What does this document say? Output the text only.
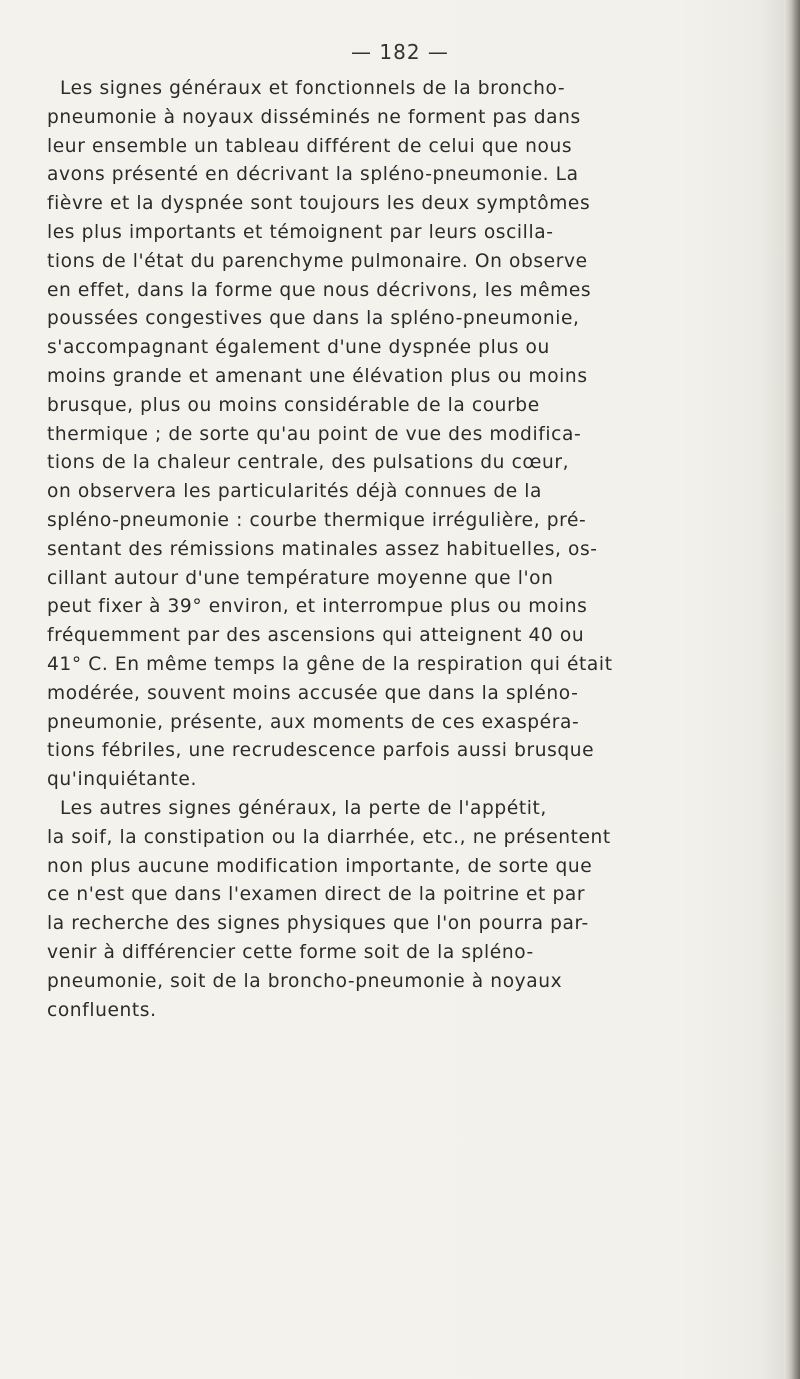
— 182 —
Les signes généraux et fonctionnels de la broncho-
pneumonie à noyaux disséminés ne forment pas dans
leur ensemble un tableau différent de celui que nous
avons présenté en décrivant la spléno-pneumonie. La
fièvre et la dyspnée sont toujours les deux symptômes
les plus importants et témoignent par leurs oscilla-
tions de l'état du parenchyme pulmonaire. On observe
en effet, dans la forme que nous décrivons, les mêmes
poussées congestives que dans la spléno-pneumonie,
s'accompagnant également d'une dyspnée plus ou
moins grande et amenant une élévation plus ou moins
brusque, plus ou moins considérable de la courbe
thermique ; de sorte qu'au point de vue des modifica-
tions de la chaleur centrale, des pulsations du cœur,
on observera les particularités déjà connues de la
spléno-pneumonie : courbe thermique irrégulière, pré-
sentant des rémissions matinales assez habituelles, os-
cillant autour d'une température moyenne que l'on
peut fixer à 39° environ, et interrompue plus ou moins
fréquemment par des ascensions qui atteignent 40 ou
41° C. En même temps la gêne de la respiration qui était
modérée, souvent moins accusée que dans la spléno-
pneumonie, présente, aux moments de ces exaspéra-
tions fébriles, une recrudescence parfois aussi brusque
qu'inquiétante.
Les autres signes généraux, la perte de l'appétit,
la soif, la constipation ou la diarrhée, etc., ne présentent
non plus aucune modification importante, de sorte que
ce n'est que dans l'examen direct de la poitrine et par
la recherche des signes physiques que l'on pourra par-
venir à différencier cette forme soit de la spléno-
pneumonie, soit de la broncho-pneumonie à noyaux
confluents.
